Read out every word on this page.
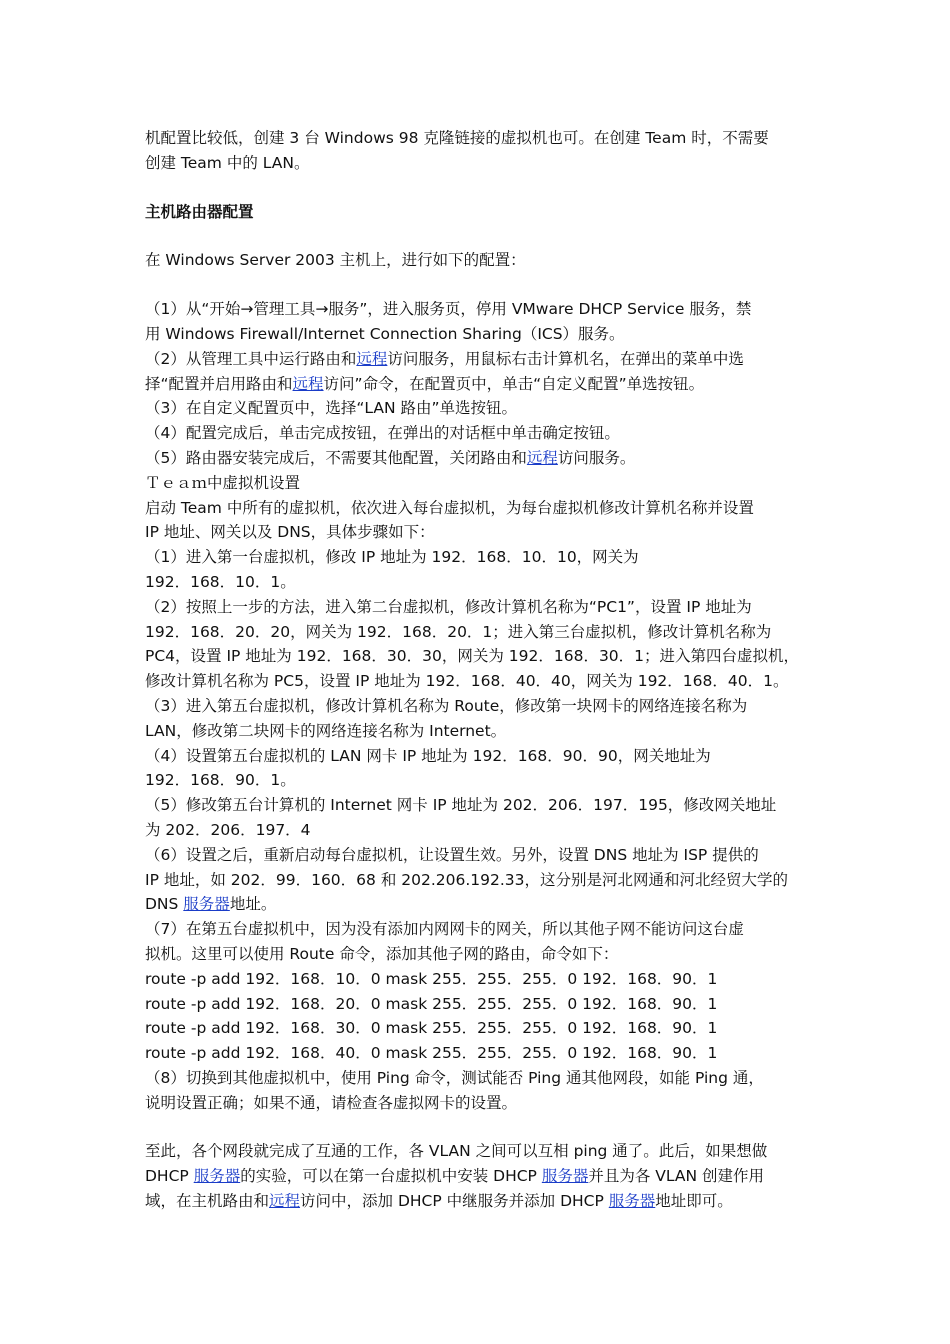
机配置比较低，创建 3 台 Windows 98 克隆链接的虚拟机也可。在创建 Team 时，不需要
创建 Team 中的 LAN。
主机路由器配置
在 Windows Server 2003 主机上，进行如下的配置：
（1）从“开始→管理工具→服务”，进入服务页，停用 VMware DHCP Service 服务，禁
用 Windows Firewall/Internet Connection Sharing（ICS）服务。
（2）从管理工具中运行路由和远程访问服务，用鼠标右击计算机名，在弹出的菜单中选
择“配置并启用路由和远程访问”命令，在配置页中，单击“自定义配置”单选按钮。
（3）在自定义配置页中，选择“LAN 路由”单选按钮。
（4）配置完成后，单击完成按钮，在弹出的对话框中单击确定按钮。
（5）路由器安装完成后，不需要其他配置，关闭路由和远程访问服务。
Ｔｅａｍ中虚拟机设置
启动 Team 中所有的虚拟机，依次进入每台虚拟机，为每台虚拟机修改计算机名称并设置
IP 地址、网关以及 DNS，具体步骤如下：
（1）进入第一台虚拟机，修改 IP 地址为 192．168．10．10，网关为
192．168．10．1。
（2）按照上一步的方法，进入第二台虚拟机，修改计算机名称为“PC1”，设置 IP 地址为
192．168．20．20，网关为 192．168．20．1；进入第三台虚拟机，修改计算机名称为
PC4，设置 IP 地址为 192．168．30．30，网关为 192．168．30．1；进入第四台虚拟机，
修改计算机名称为 PC5，设置 IP 地址为 192．168．40．40，网关为 192．168．40．1。
（3）进入第五台虚拟机，修改计算机名称为 Route，修改第一块网卡的网络连接名称为
LAN，修改第二块网卡的网络连接名称为 Internet。
（4）设置第五台虚拟机的 LAN 网卡 IP 地址为 192．168．90．90，网关地址为
192．168．90．1。
（5）修改第五台计算机的 Internet 网卡 IP 地址为 202．206．197．195，修改网关地址
为 202．206．197．4
（6）设置之后，重新启动每台虚拟机，让设置生效。另外，设置 DNS 地址为 ISP 提供的
IP 地址，如 202．99．160．68 和 202.206.192.33，这分别是河北网通和河北经贸大学的
DNS 服务器地址。
（7）在第五台虚拟机中，因为没有添加内网网卡的网关，所以其他子网不能访问这台虚
拟机。这里可以使用 Route 命令，添加其他子网的路由，命令如下：
route -p add 192．168．10．0 mask 255．255．255．0 192．168．90．1
route -p add 192．168．20．0 mask 255．255．255．0 192．168．90．1
route -p add 192．168．30．0 mask 255．255．255．0 192．168．90．1
route -p add 192．168．40．0 mask 255．255．255．0 192．168．90．1
（8）切换到其他虚拟机中，使用 Ping 命令，测试能否 Ping 通其他网段，如能 Ping 通，
说明设置正确；如果不通，请检查各虚拟网卡的设置。
至此，各个网段就完成了互通的工作，各 VLAN 之间可以互相 ping 通了。此后，如果想做
DHCP 服务器的实验，可以在第一台虚拟机中安装 DHCP 服务器并且为各 VLAN 创建作用
域，在主机路由和远程访问中，添加 DHCP 中继服务并添加 DHCP 服务器地址即可。
